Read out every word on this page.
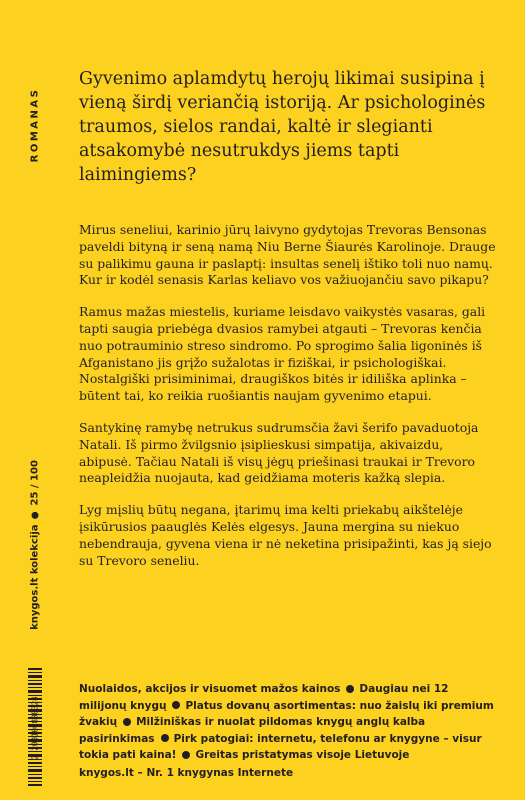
ROMANAS
knygos.lt kolekcija
25 / 100

Gyvenimo aplamdytų herojų likimai susipina į vieną širdį veriančią istoriją. Ar psichologinės traumos, sielos randai, kaltė ir slegianti atsakomybė nesutrukdys jiems tapti laimingiems?

Mirus seneliui, karinio jūrų laivyno gydytojas Trevoras Bensonas paveldi bityną ir seną namą Niu Berne Šiaurės Karolinoje. Drauge su palikimu gauna ir paslaptį: insultas senelį ištiko toli nuo namų. Kur ir kodėl senasis Karlas keliavo vos važiuojančiu savo pikapu?

Ramus mažas miestelis, kuriame leisdavo vaikystės vasaras, gali tapti saugia priebėga dvasios ramybei atgauti – Trevoras kenčia nuo potrauminio streso sindromo. Po sprogimo šalia ligoninės iš Afganistano jis grįžo sužalotas ir fiziškai, ir psichologiškai. Nostalgiški prisiminimai, draugiškos bitės ir idiliška aplinka – būtent tai, ko reikia ruošiantis naujam gyvenimo etapui.

Santykinę ramybę netrukus sudrumsčia žavi šerifo pavaduotoja Natali. Iš pirmo žvilgsnio įsiplieskusi simpatija, akivaizdu, abipusė. Tačiau Natali iš visų jėgų priešinasi traukai ir Trevoro neapleidžia nuojauta, kad geidžiama moteris kažką slepia.

Lyg mįslių būtų negana, įtarimų ima kelti priekabų aikštelėje įsikūrusios paauglės Kelės elgesys. Jauna mergina su niekuo nebendrauja, gyvena viena ir nė neketina prisipažinti, kas ją siejo su Trevoro seneliu.

2 200100808324

Nuolaidos, akcijos ir visuomet mažos kainos Daugiau nei 12 milijonų knygų Platus dovanų asortimentas: nuo žaislų iki premium žvakių Milžiniškas ir nuolat pildomas knygų anglų kalba pasirinkimas Pirk patogiai: internetu, telefonu ar knygyne – visur tokia pati kaina! Greitas pristatymas visoje Lietuvoje

knygos.lt – Nr. 1 knygynas Internete
